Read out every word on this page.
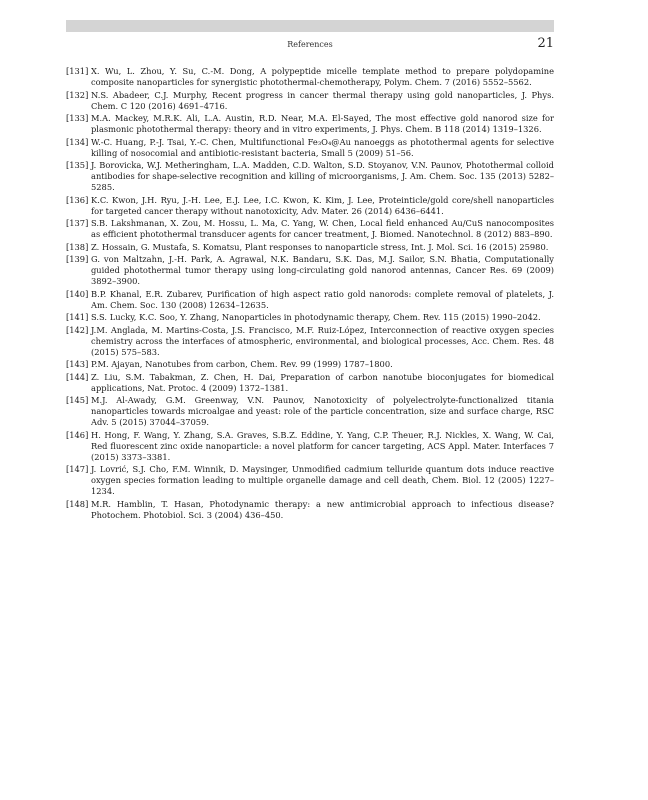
References	21
[131] X. Wu, L. Zhou, Y. Su, C.-M. Dong, A polypeptide micelle template method to prepare polydopamine composite nanoparticles for synergistic photothermal-chemotherapy, Polym. Chem. 7 (2016) 5552–5562.
[132] N.S. Abadeer, C.J. Murphy, Recent progress in cancer thermal therapy using gold nanoparticles, J. Phys. Chem. C 120 (2016) 4691–4716.
[133] M.A. Mackey, M.R.K. Ali, L.A. Austin, R.D. Near, M.A. El-Sayed, The most effective gold nanorod size for plasmonic photothermal therapy: theory and in vitro experiments, J. Phys. Chem. B 118 (2014) 1319–1326.
[134] W.-C. Huang, P.-J. Tsai, Y.-C. Chen, Multifunctional Fe₃O₄@Au nanoeggs as photothermal agents for selective killing of nosocomial and antibiotic-resistant bacteria, Small 5 (2009) 51–56.
[135] J. Borovicka, W.J. Metheringham, L.A. Madden, C.D. Walton, S.D. Stoyanov, V.N. Paunov, Photothermal colloid antibodies for shape-selective recognition and killing of microorganisms, J. Am. Chem. Soc. 135 (2013) 5282–5285.
[136] K.C. Kwon, J.H. Ryu, J.-H. Lee, E.J. Lee, I.C. Kwon, K. Kim, J. Lee, Proteinticle/gold core/shell nanoparticles for targeted cancer therapy without nanotoxicity, Adv. Mater. 26 (2014) 6436–6441.
[137] S.B. Lakshmanan, X. Zou, M. Hossu, L. Ma, C. Yang, W. Chen, Local field enhanced Au/CuS nanocomposites as efficient photothermal transducer agents for cancer treatment, J. Biomed. Nanotechnol. 8 (2012) 883–890.
[138] Z. Hossain, G. Mustafa, S. Komatsu, Plant responses to nanoparticle stress, Int. J. Mol. Sci. 16 (2015) 25980.
[139] G. von Maltzahn, J.-H. Park, A. Agrawal, N.K. Bandaru, S.K. Das, M.J. Sailor, S.N. Bhatia, Computationally guided photothermal tumor therapy using long-circulating gold nanorod antennas, Cancer Res. 69 (2009) 3892–3900.
[140] B.P. Khanal, E.R. Zubarev, Purification of high aspect ratio gold nanorods: complete removal of platelets, J. Am. Chem. Soc. 130 (2008) 12634–12635.
[141] S.S. Lucky, K.C. Soo, Y. Zhang, Nanoparticles in photodynamic therapy, Chem. Rev. 115 (2015) 1990–2042.
[142] J.M. Anglada, M. Martins-Costa, J.S. Francisco, M.F. Ruiz-López, Interconnection of reactive oxygen species chemistry across the interfaces of atmospheric, environmental, and biological processes, Acc. Chem. Res. 48 (2015) 575–583.
[143] P.M. Ajayan, Nanotubes from carbon, Chem. Rev. 99 (1999) 1787–1800.
[144] Z. Liu, S.M. Tabakman, Z. Chen, H. Dai, Preparation of carbon nanotube bioconjugates for biomedical applications, Nat. Protoc. 4 (2009) 1372–1381.
[145] M.J. Al-Awady, G.M. Greenway, V.N. Paunov, Nanotoxicity of polyelectrolyte-functionalized titania nanoparticles towards microalgae and yeast: role of the particle concentration, size and surface charge, RSC Adv. 5 (2015) 37044–37059.
[146] H. Hong, F. Wang, Y. Zhang, S.A. Graves, S.B.Z. Eddine, Y. Yang, C.P. Theuer, R.J. Nickles, X. Wang, W. Cai, Red fluorescent zinc oxide nanoparticle: a novel platform for cancer targeting, ACS Appl. Mater. Interfaces 7 (2015) 3373–3381.
[147] J. Lovrić, S.J. Cho, F.M. Winnik, D. Maysinger, Unmodified cadmium telluride quantum dots induce reactive oxygen species formation leading to multiple organelle damage and cell death, Chem. Biol. 12 (2005) 1227–1234.
[148] M.R. Hamblin, T. Hasan, Photodynamic therapy: a new antimicrobial approach to infectious disease? Photochem. Photobiol. Sci. 3 (2004) 436–450.
